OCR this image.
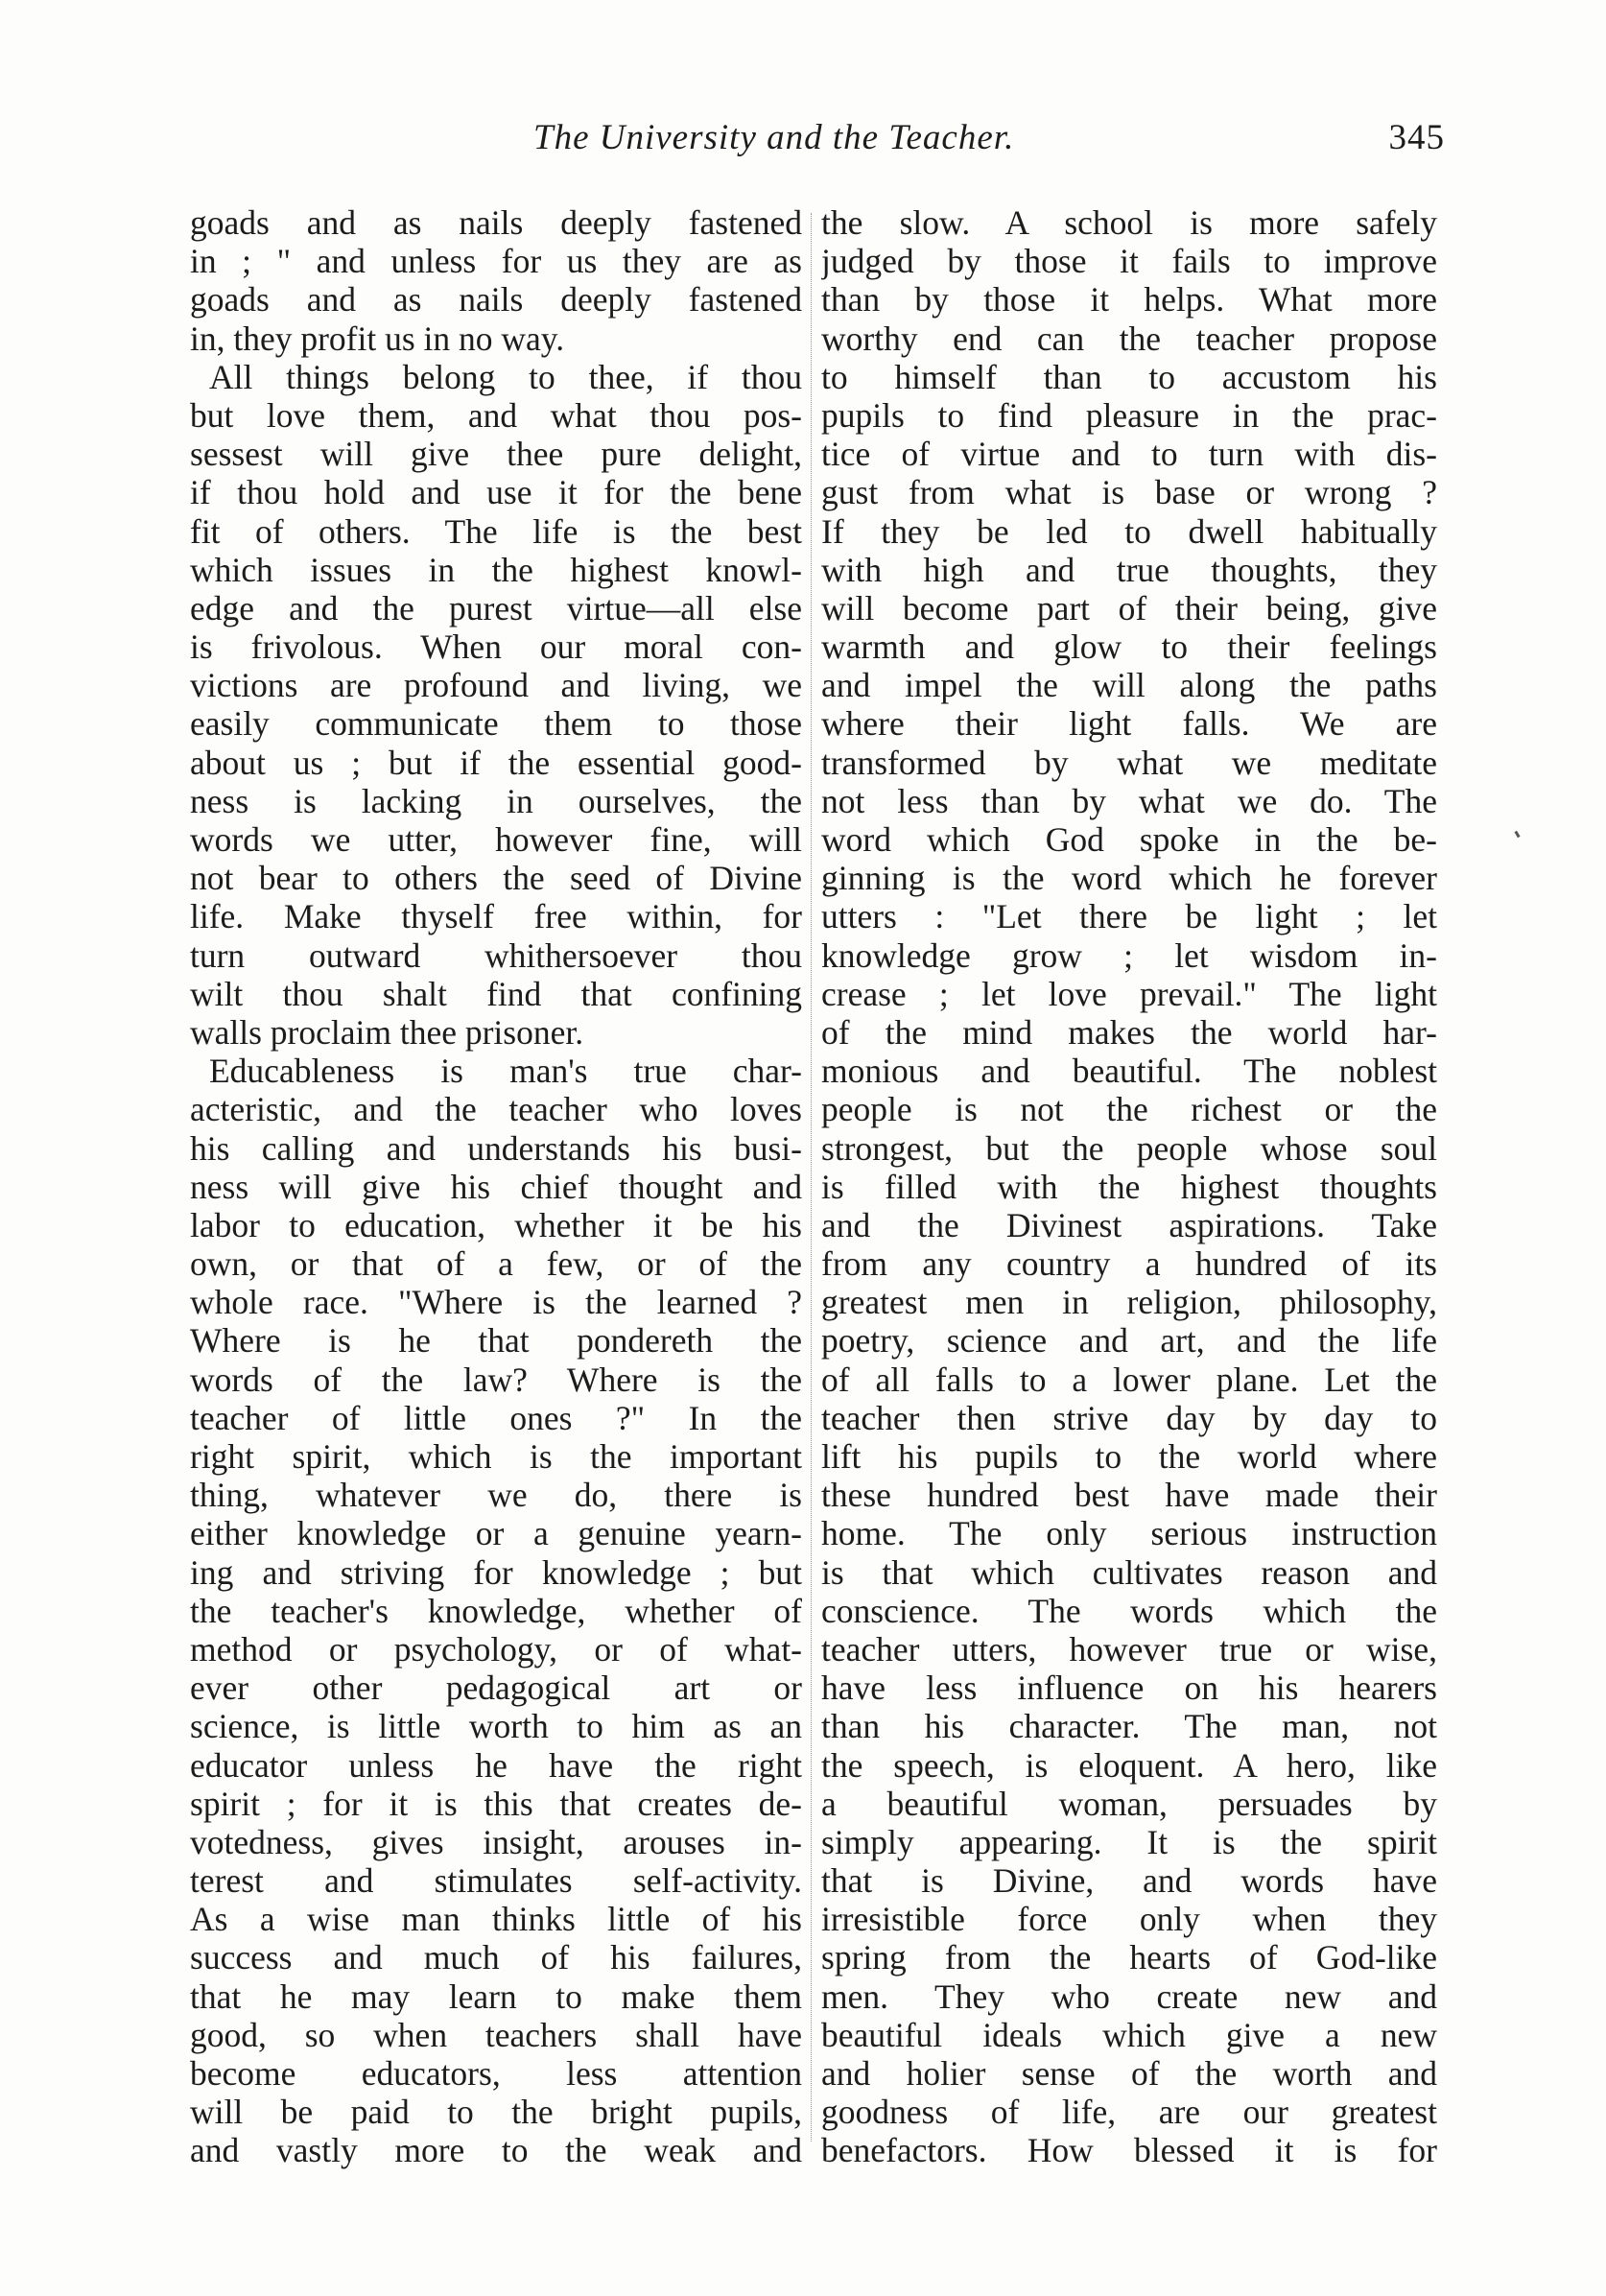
The University and the Teacher.	345
goads and as nails deeply fastened
in ; " and unless for us they are as
goads and as nails deeply fastened
in, they profit us in no way.
All things belong to thee, if thou
but love them, and what thou pos-
sessest will give thee pure delight,
if thou hold and use it for the bene
fit of others. The life is the best
which issues in the highest knowl-
edge and the purest virtue—all else
is frivolous. When our moral con-
victions are profound and living, we
easily communicate them to those
about us ; but if the essential good-
ness is lacking in ourselves, the
words we utter, however fine, will
not bear to others the seed of Divine
life. Make thyself free within, for
turn outward whithersoever thou
wilt thou shalt find that confining
walls proclaim thee prisoner.
Educableness is man's true char-
acteristic, and the teacher who loves
his calling and understands his busi-
ness will give his chief thought and
labor to education, whether it be his
own, or that of a few, or of the
whole race. "Where is the learned ?
Where is he that pondereth the
words of the law? Where is the
teacher of little ones ?" In the
right spirit, which is the important
thing, whatever we do, there is
either knowledge or a genuine yearn-
ing and striving for knowledge ; but
the teacher's knowledge, whether of
method or psychology, or of what-
ever other pedagogical art or
science, is little worth to him as an
educator unless he have the right
spirit ; for it is this that creates de-
votedness, gives insight, arouses in-
terest and stimulates self-activity.
As a wise man thinks little of his
success and much of his failures,
that he may learn to make them
good, so when teachers shall have
become educators, less attention
will be paid to the bright pupils,
and vastly more to the weak and
the slow. A school is more safely
judged by those it fails to improve
than by those it helps. What more
worthy end can the teacher propose
to himself than to accustom his
pupils to find pleasure in the prac-
tice of virtue and to turn with dis-
gust from what is base or wrong ?
If they be led to dwell habitually
with high and true thoughts, they
will become part of their being, give
warmth and glow to their feelings
and impel the will along the paths
where their light falls. We are
transformed by what we meditate
not less than by what we do. The
word which God spoke in the be-
ginning is the word which he forever
utters : "Let there be light ; let
knowledge grow ; let wisdom in-
crease ; let love prevail." The light
of the mind makes the world har-
monious and beautiful. The noblest
people is not the richest or the
strongest, but the people whose soul
is filled with the highest thoughts
and the Divinest aspirations. Take
from any country a hundred of its
greatest men in religion, philosophy,
poetry, science and art, and the life
of all falls to a lower plane. Let the
teacher then strive day by day to
lift his pupils to the world where
these hundred best have made their
home. The only serious instruction
is that which cultivates reason and
conscience. The words which the
teacher utters, however true or wise,
have less influence on his hearers
than his character. The man, not
the speech, is eloquent. A hero, like
a beautiful woman, persuades by
simply appearing. It is the spirit
that is Divine, and words have
irresistible force only when they
spring from the hearts of God-like
men. They who create new and
beautiful ideals which give a new
and holier sense of the worth and
goodness of life, are our greatest
benefactors. How blessed it is for
